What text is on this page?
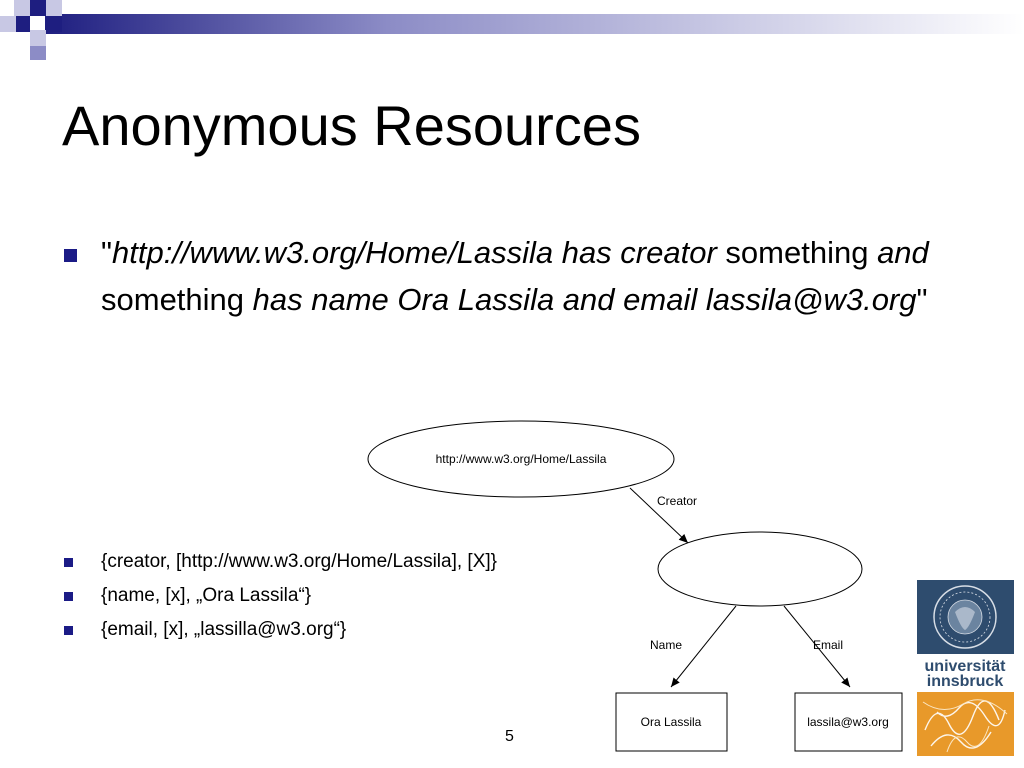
Anonymous Resources
"http://www.w3.org/Home/Lassila has creator something and something has name Ora Lassila and email lassila@w3.org"
{creator, [http://www.w3.org/Home/Lassila], [X]}
{name, [x], „Ora Lassila“}
{email, [x], „lassilla@w3.org“}
http://www.w3.org/Home/Lassila
Creator
Name	Email
Ora Lassila	lassila@w3.org
universität
innsbruck
5
